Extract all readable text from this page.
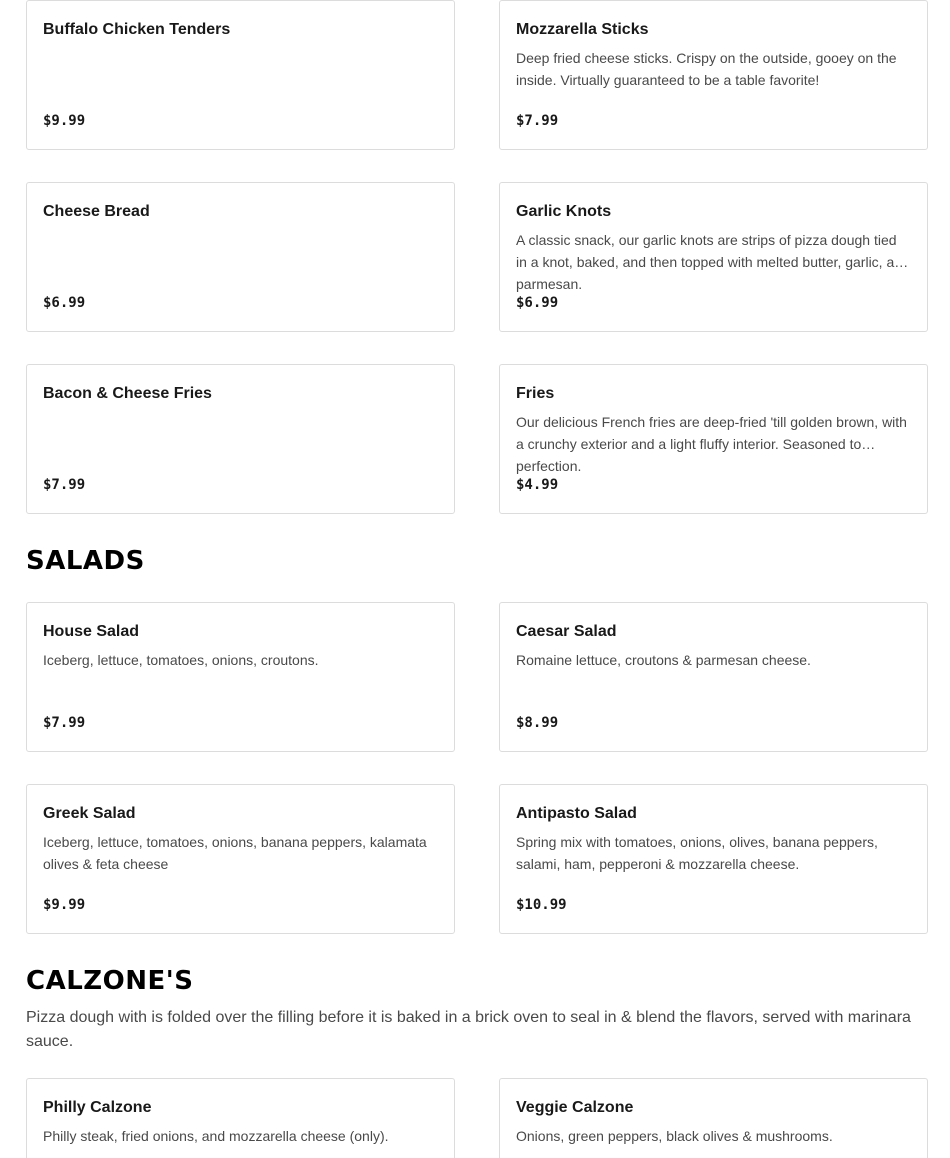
Buffalo Chicken Tenders
$9.99
Mozzarella Sticks
Deep fried cheese sticks. Crispy on the outside, gooey on the inside. Virtually guaranteed to be a table favorite!
$7.99
Cheese Bread
$6.99
Garlic Knots
A classic snack, our garlic knots are strips of pizza dough tied in a knot, baked, and then topped with melted butter, garlic, and parmesan.
$6.99
Bacon & Cheese Fries
$7.99
Fries
Our delicious French fries are deep-fried 'till golden brown, with a crunchy exterior and a light fluffy interior. Seasoned to perfection.
$4.99
SALADS
House Salad
Iceberg, lettuce, tomatoes, onions, croutons.
$7.99
Caesar Salad
Romaine lettuce, croutons & parmesan cheese.
$8.99
Greek Salad
Iceberg, lettuce, tomatoes, onions, banana peppers, kalamata olives & feta cheese
$9.99
Antipasto Salad
Spring mix with tomatoes, onions, olives, banana peppers, salami, ham, pepperoni & mozzarella cheese.
$10.99
CALZONE'S

Pizza dough with is folded over the filling before it is baked in a brick oven to seal in & blend the flavors, served with marinara sauce.

Philly Calzone
Philly steak, fried onions, and mozzarella cheese (only).
Veggie Calzone
Onions, green peppers, black olives & mushrooms.
